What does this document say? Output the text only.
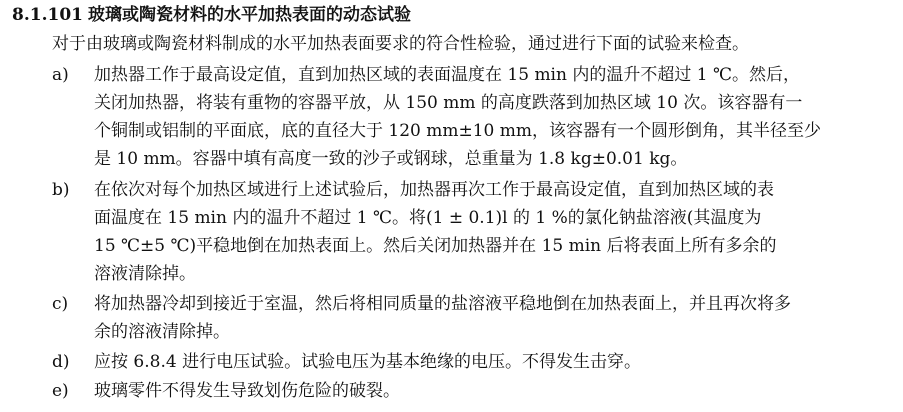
8.1.101 玻璃或陶瓷材料的水平加热表面的动态试验
对于由玻璃或陶瓷材料制成的水平加热表面要求的符合性检验，通过进行下面的试验来检查。
a)	加热器工作于最高设定值，直到加热区域的表面温度在 15 min 内的温升不超过 1 ℃。然后，
关闭加热器，将装有重物的容器平放，从 150 mm 的高度跌落到加热区域 10 次。该容器有一
个铜制或铝制的平面底，底的直径大于 120 mm±10 mm，该容器有一个圆形倒角，其半径至少
是 10 mm。容器中填有高度一致的沙子或钢球，总重量为 1.8 kg±0.01 kg。
b)	在依次对每个加热区域进行上述试验后，加热器再次工作于最高设定值，直到加热区域的表
面温度在 15 min 内的温升不超过 1 ℃。将(1 ± 0.1)l 的 1 %的氯化钠盐溶液(其温度为
15 ℃±5 ℃)平稳地倒在加热表面上。然后关闭加热器并在 15 min 后将表面上所有多余的
溶液清除掉。
c)	将加热器冷却到接近于室温，然后将相同质量的盐溶液平稳地倒在加热表面上，并且再次将多
余的溶液清除掉。
d)	应按 6.8.4 进行电压试验。试验电压为基本绝缘的电压。不得发生击穿。
e)	玻璃零件不得发生导致划伤危险的破裂。
